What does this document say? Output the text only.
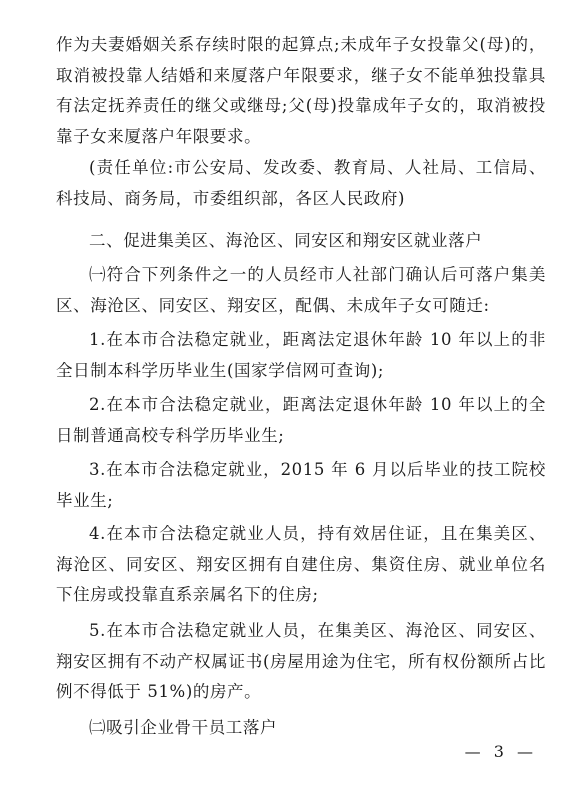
作为夫妻婚姻关系存续时限的起算点;未成年子女投靠父(母)的，取消被投靠人结婚和来厦落户年限要求，继子女不能单独投靠具有法定抚养责任的继父或继母;父(母)投靠成年子女的，取消被投靠子女来厦落户年限要求。

(责任单位:市公安局、发改委、教育局、人社局、工信局、科技局、商务局，市委组织部，各区人民政府)

二、促进集美区、海沧区、同安区和翔安区就业落户

㈠符合下列条件之一的人员经市人社部门确认后可落户集美区、海沧区、同安区、翔安区，配偶、未成年子女可随迁:

1.在本市合法稳定就业，距离法定退休年龄 10 年以上的非全日制本科学历毕业生(国家学信网可查询);

2.在本市合法稳定就业，距离法定退休年龄 10 年以上的全日制普通高校专科学历毕业生;

3.在本市合法稳定就业，2015 年 6 月以后毕业的技工院校毕业生;

4.在本市合法稳定就业人员，持有效居住证，且在集美区、海沧区、同安区、翔安区拥有自建住房、集资住房、就业单位名下住房或投靠直系亲属名下的住房;

5.在本市合法稳定就业人员，在集美区、海沧区、同安区、翔安区拥有不动产权属证书(房屋用途为住宅，所有权份额所占比例不得低于 51%)的房产。

㈡吸引企业骨干员工落户

— 3 —
